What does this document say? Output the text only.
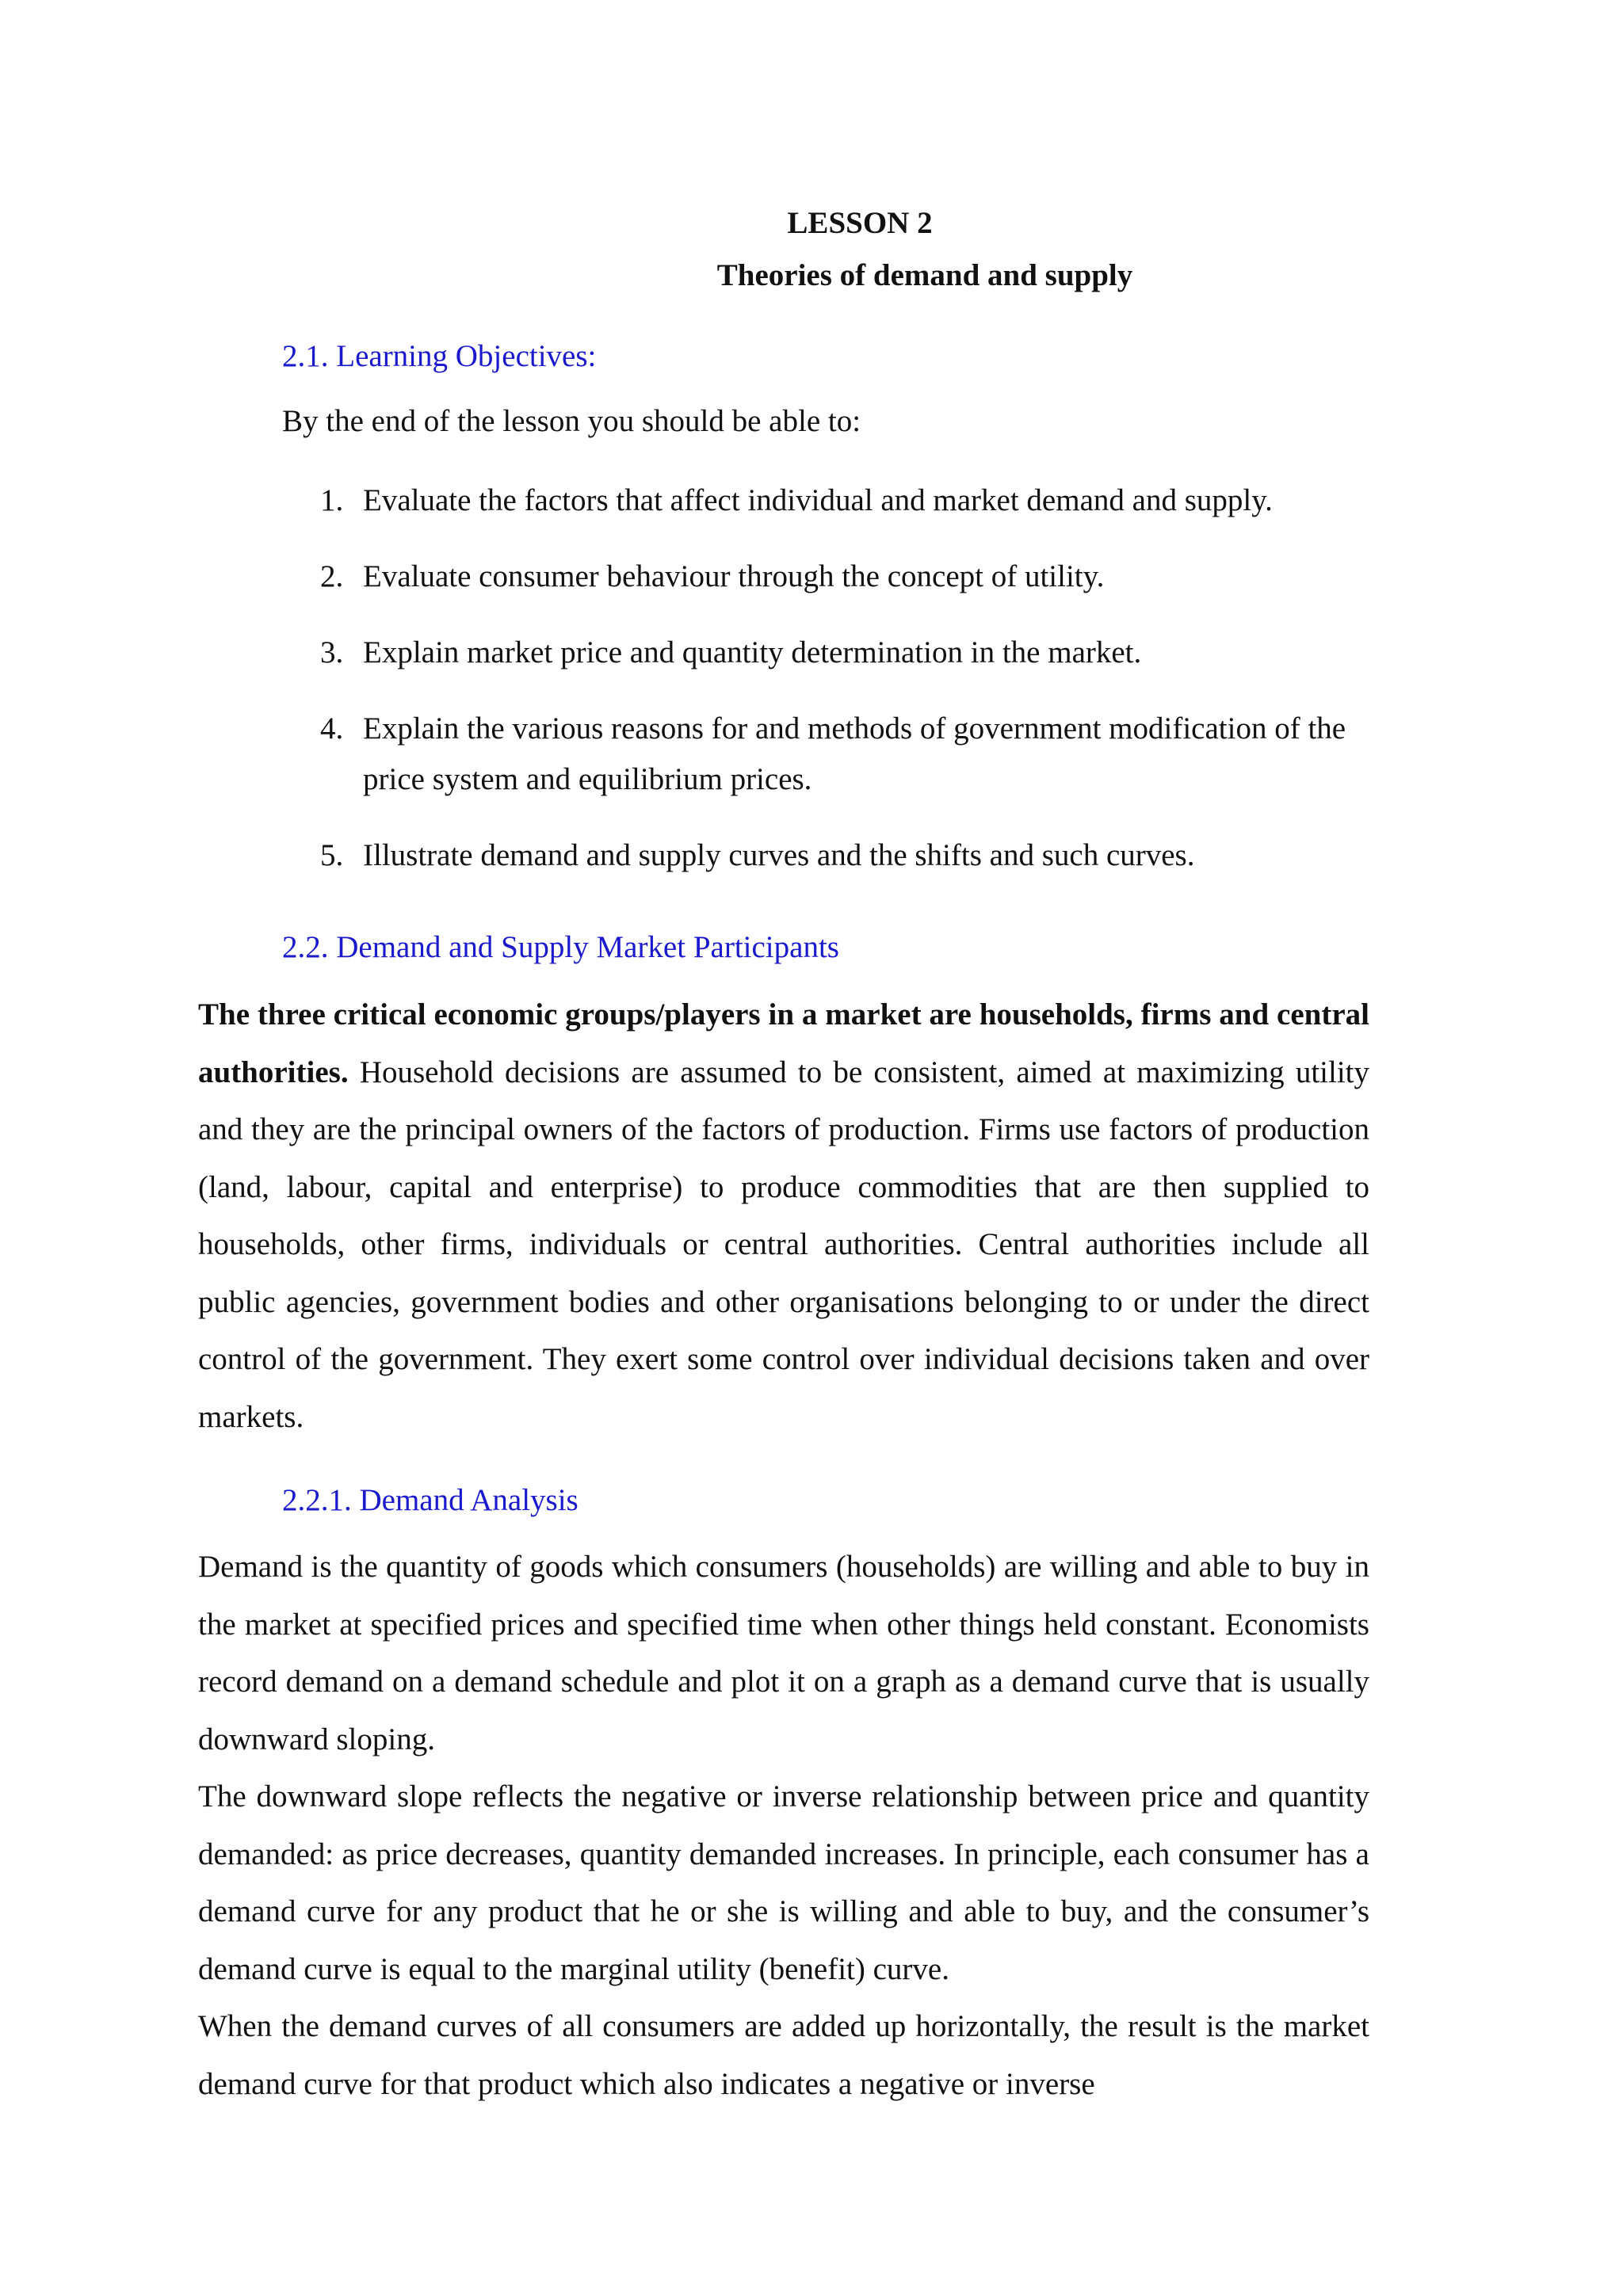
LESSON 2
Theories of demand and supply
2.1. Learning Objectives:
By the end of the lesson you should be able to:
1. Evaluate the factors that affect individual and market demand and supply.
2. Evaluate consumer behaviour through the concept of utility.
3. Explain market price and quantity determination in the market.
4. Explain the various reasons for and methods of government modification of the price system and equilibrium prices.
5. Illustrate demand and supply curves and the shifts and such curves.
2.2. Demand and Supply Market Participants

The three critical economic groups/players in a market are households, firms and central authorities. Household decisions are assumed to be consistent, aimed at maximizing utility and they are the principal owners of the factors of production. Firms use factors of production (land, labour, capital and enterprise) to produce commodities that are then supplied to households, other firms, individuals or central authorities. Central authorities include all public agencies, government bodies and other organisations belonging to or under the direct control of the government. They exert some control over individual decisions taken and over markets.

2.2.1. Demand Analysis

Demand is the quantity of goods which consumers (households) are willing and able to buy in the market at specified prices and specified time when other things held constant. Economists record demand on a demand schedule and plot it on a graph as a demand curve that is usually downward sloping.

The downward slope reflects the negative or inverse relationship between price and quantity demanded: as price decreases, quantity demanded increases. In principle, each consumer has a demand curve for any product that he or she is willing and able to buy, and the consumer’s demand curve is equal to the marginal utility (benefit) curve.

When the demand curves of all consumers are added up horizontally, the result is the market demand curve for that product which also indicates a negative or inverse
